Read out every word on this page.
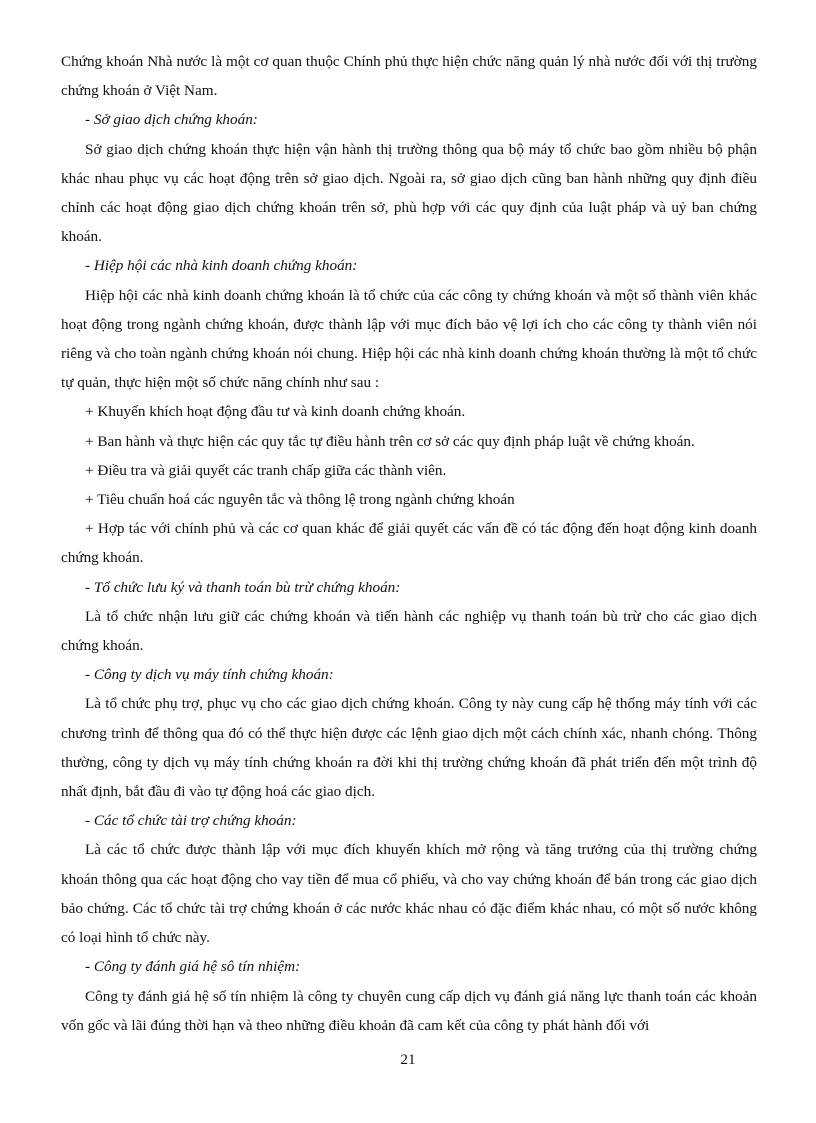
Chứng khoán Nhà nước là một cơ quan thuộc Chính phủ thực hiện chức năng quản lý nhà nước đối với thị trường chứng khoán ở Việt Nam.

- Sở giao dịch chứng khoán:

Sở giao dịch chứng khoán thực hiện vận hành thị trường thông qua bộ máy tổ chức bao gồm nhiều bộ phận khác nhau phục vụ các hoạt động trên sở giao dịch. Ngoài ra, sở giao dịch cũng ban hành những quy định điều chỉnh các hoạt động giao dịch chứng khoán trên sở, phù hợp với các quy định của luật pháp và uỷ ban chứng khoán.

- Hiệp hội các nhà kinh doanh chứng khoán:

Hiệp hội các nhà kinh doanh chứng khoán là tổ chức của các công ty chứng khoán và một số thành viên khác hoạt động trong ngành chứng khoán, được thành lập với mục đích bảo vệ lợi ích cho các công ty thành viên nói riêng và cho toàn ngành chứng khoán nói chung. Hiệp hội các nhà kinh doanh chứng khoán thường là một tổ chức tự quản, thực hiện một số chức năng chính như sau :

+ Khuyến khích hoạt động đầu tư và kinh doanh chứng khoán.

+ Ban hành và thực hiện các quy tắc tự điều hành trên cơ sở các quy định pháp luật về chứng khoán.

+ Điều tra và giải quyết các tranh chấp giữa các thành viên.

+ Tiêu chuẩn hoá các nguyên tắc và thông lệ trong ngành chứng khoán

+ Hợp tác với chính phủ và các cơ quan khác để giải quyết các vấn đề có tác động đến hoạt động kinh doanh chứng khoán.

- Tổ chức lưu ký và thanh toán bù trừ chứng khoán:

Là tổ chức nhận lưu giữ các chứng khoán và tiến hành các nghiệp vụ thanh toán bù trừ cho các giao dịch chứng khoán.

- Công ty dịch vụ máy tính chứng khoán:

Là tổ chức phụ trợ, phục vụ cho các giao dịch chứng khoán. Công ty này cung cấp hệ thống máy tính với các chương trình để thông qua đó có thể thực hiện được các lệnh giao dịch một cách chính xác, nhanh chóng. Thông thường, công ty dịch vụ máy tính chứng khoán ra đời khi thị trường chứng khoán đã phát triển đến một trình độ nhất định, bắt đầu đi vào tự động hoá các giao dịch.

- Các tổ chức tài trợ chứng khoán:

Là các tổ chức được thành lập với mục đích khuyến khích mở rộng và tăng trưởng của thị trường chứng khoán thông qua các hoạt động cho vay tiền để mua cổ phiếu, và cho vay chứng khoán để bán trong các giao dịch bảo chứng. Các tổ chức tài trợ chứng khoán ở các nước khác nhau có đặc điểm khác nhau, có một số nước không có loại hình tổ chức này.

- Công ty đánh giá hệ sô tín nhiệm:

Công ty đánh giá hệ số tín nhiệm là công ty chuyên cung cấp dịch vụ đánh giá năng lực thanh toán các khoản vốn gốc và lãi đúng thời hạn và theo những điều khoản đã cam kết của công ty phát hành đối với

21
